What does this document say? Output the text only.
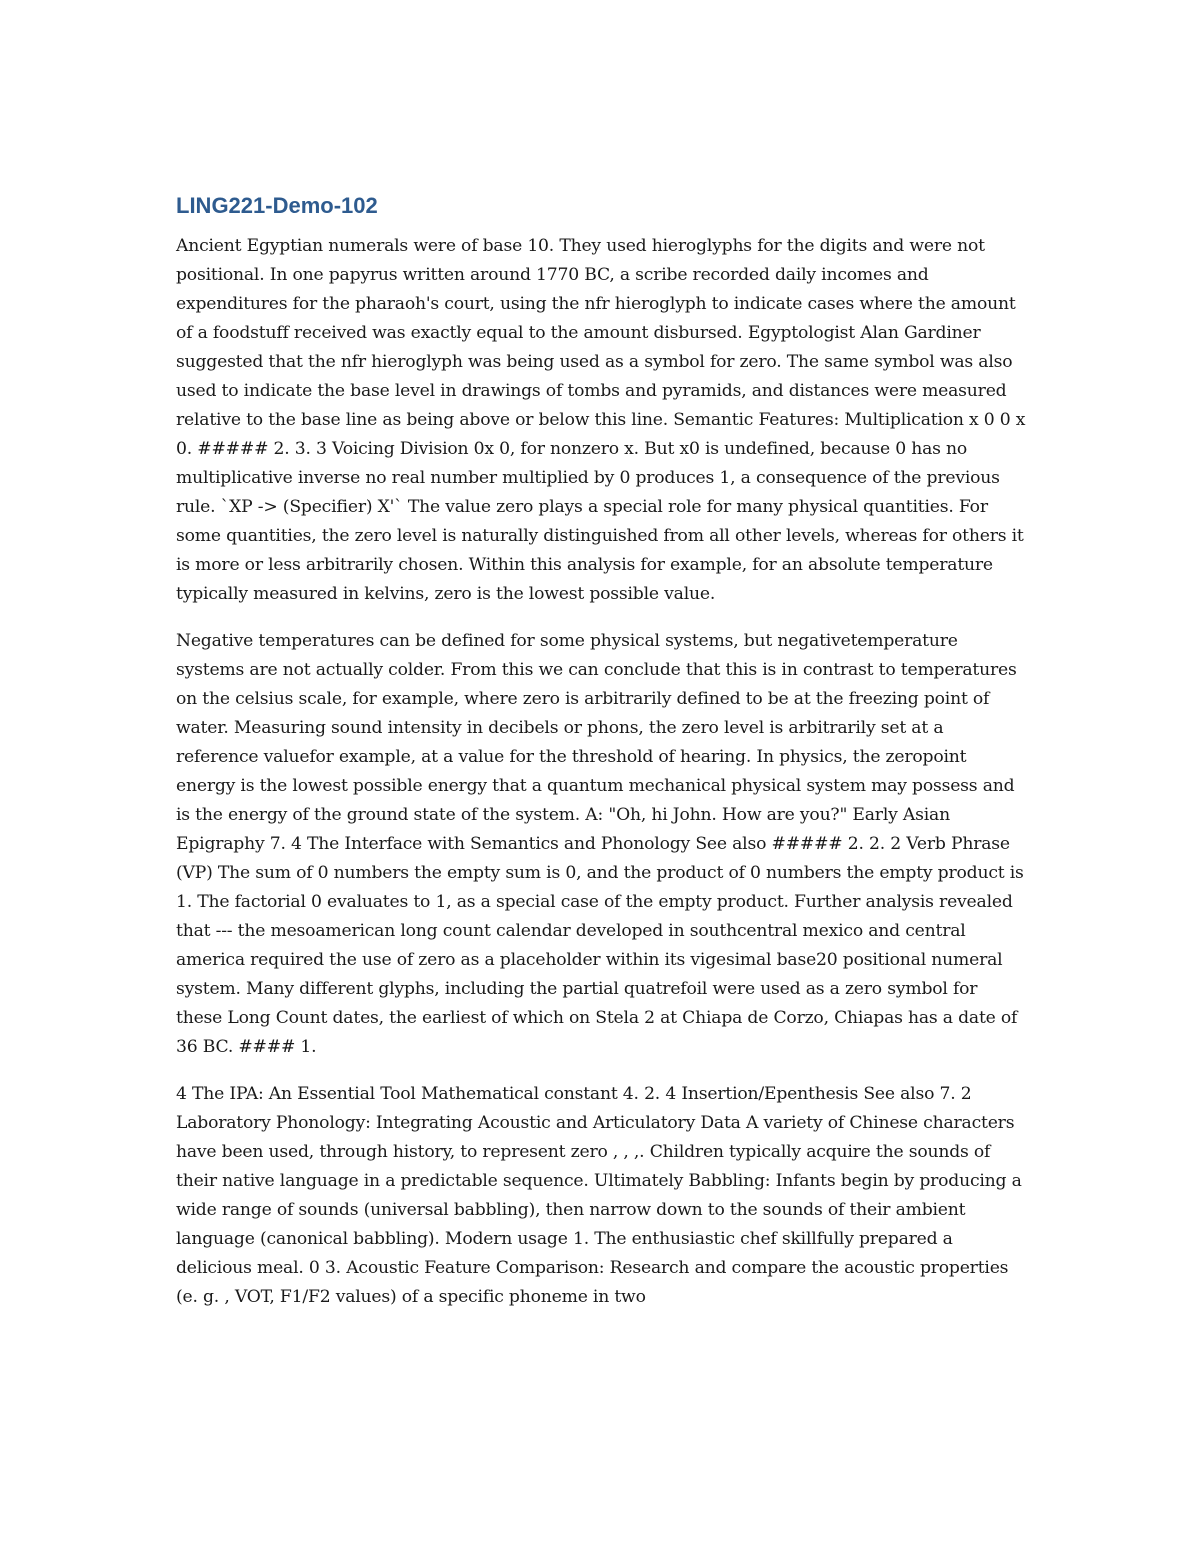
LING221-Demo-102

Ancient Egyptian numerals were of base 10. They used hieroglyphs for the digits and were not positional. In one papyrus written around 1770 BC, a scribe recorded daily incomes and expenditures for the pharaoh's court, using the nfr hieroglyph to indicate cases where the amount of a foodstuff received was exactly equal to the amount disbursed. Egyptologist Alan Gardiner suggested that the nfr hieroglyph was being used as a symbol for zero. The same symbol was also used to indicate the base level in drawings of tombs and pyramids, and distances were measured relative to the base line as being above or below this line. Semantic Features: Multiplication x 0 0 x 0. ##### 2. 3. 3 Voicing Division 0x 0, for nonzero x. But x0 is undefined, because 0 has no multiplicative inverse no real number multiplied by 0 produces 1, a consequence of the previous rule. `XP -> (Specifier) X'` The value zero plays a special role for many physical quantities. For some quantities, the zero level is naturally distinguished from all other levels, whereas for others it is more or less arbitrarily chosen. Within this analysis for example, for an absolute temperature typically measured in kelvins, zero is the lowest possible value.

Negative temperatures can be defined for some physical systems, but negativetemperature systems are not actually colder. From this we can conclude that this is in contrast to temperatures on the celsius scale, for example, where zero is arbitrarily defined to be at the freezing point of water. Measuring sound intensity in decibels or phons, the zero level is arbitrarily set at a reference valuefor example, at a value for the threshold of hearing. In physics, the zeropoint energy is the lowest possible energy that a quantum mechanical physical system may possess and is the energy of the ground state of the system. A: "Oh, hi John. How are you?" Early Asian Epigraphy 7. 4 The Interface with Semantics and Phonology See also ##### 2. 2. 2 Verb Phrase (VP) The sum of 0 numbers the empty sum is 0, and the product of 0 numbers the empty product is 1. The factorial 0 evaluates to 1, as a special case of the empty product. Further analysis revealed that --- the mesoamerican long count calendar developed in southcentral mexico and central america required the use of zero as a placeholder within its vigesimal base20 positional numeral system. Many different glyphs, including the partial quatrefoil were used as a zero symbol for these Long Count dates, the earliest of which on Stela 2 at Chiapa de Corzo, Chiapas has a date of 36 BC. #### 1.

4 The IPA: An Essential Tool Mathematical constant 4. 2. 4 Insertion/Epenthesis See also 7. 2 Laboratory Phonology: Integrating Acoustic and Articulatory Data A variety of Chinese characters have been used, through history, to represent zero , , ,. Children typically acquire the sounds of their native language in a predictable sequence. Ultimately Babbling: Infants begin by producing a wide range of sounds (universal babbling), then narrow down to the sounds of their ambient language (canonical babbling). Modern usage 1. The enthusiastic chef skillfully prepared a delicious meal. 0 3. Acoustic Feature Comparison: Research and compare the acoustic properties (e. g. , VOT, F1/F2 values) of a specific phoneme in two
